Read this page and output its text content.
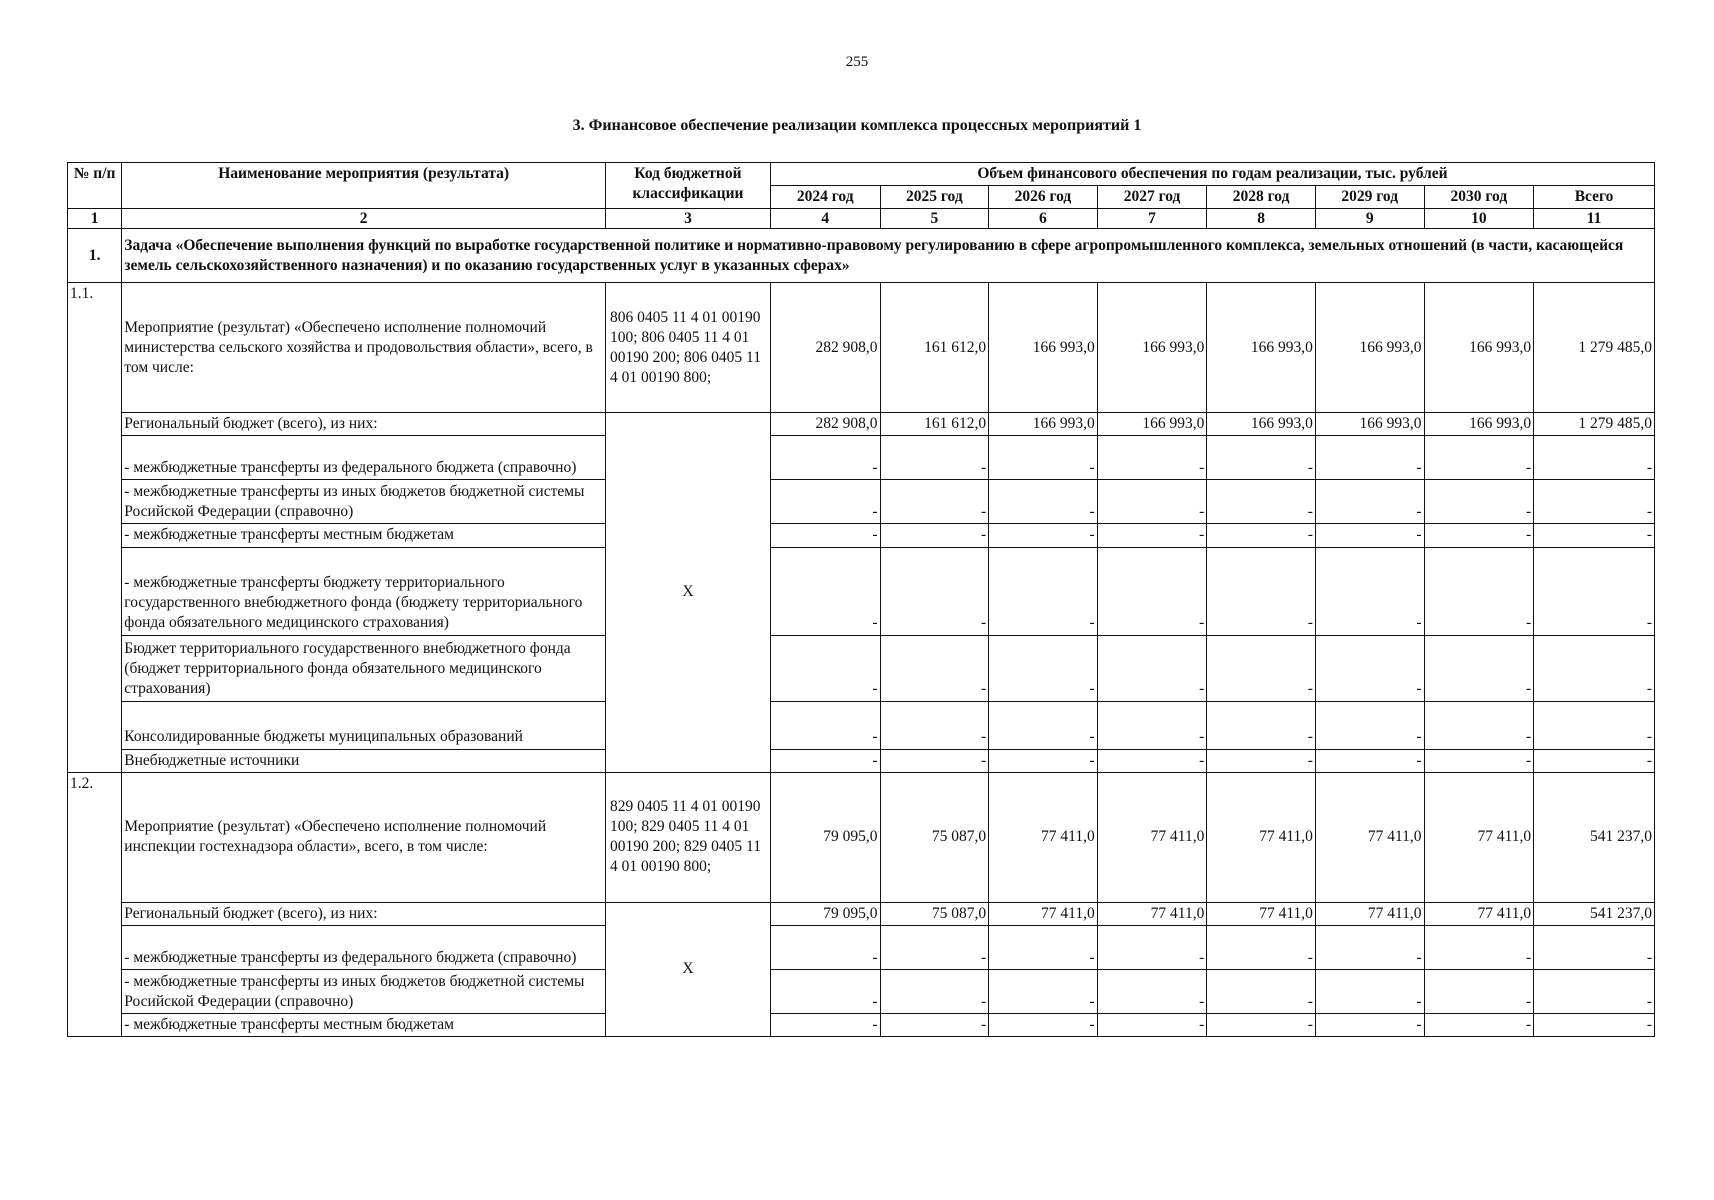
255
3. Финансовое обеспечение реализации комплекса процессных мероприятий 1
№ п/п	Наименование мероприятия (результата)	Код бюджетной классификации	Объем финансового обеспечения по годам реализации, тыс. рублей							
			2024 год	2025 год	2026 год	2027 год	2028 год	2029 год	2030 год	Всего
1	2	3	4	5	6	7	8	9	10	11
1.	Задача «Обеспечение выполнения функций по выработке государственной политике и нормативно-правовому регулированию в сфере агропромышленного комплекса, земельных отношений (в части, касающейся земель сельскохозяйственного назначения) и по оказанию государственных услуг в указанных сферах»									
1.1.	Мероприятие (результат) «Обеспечено исполнение полномочий министерства сельского хозяйства и продовольствия области», всего, в том числе:	806 0405 11 4 01 00190 100; 806 0405 11 4 01 00190 200; 806 0405 11 4 01 00190 800;	282 908,0	161 612,0	166 993,0	166 993,0	166 993,0	166 993,0	166 993,0	1 279 485,0
	Региональный бюджет (всего), из них:	X	282 908,0	161 612,0	166 993,0	166 993,0	166 993,0	166 993,0	166 993,0	1 279 485,0
	- межбюджетные трансферты из федерального бюджета (справочно)		-	-	-	-	-	-	-	-
	- межбюджетные трансферты из иных бюджетов бюджетной системы Росийской Федерации (справочно)		-	-	-	-	-	-	-	-
	- межбюджетные трансферты местным бюджетам		-	-	-	-	-	-	-	-
	- межбюджетные трансферты бюджету территориального государственного внебюджетного фонда (бюджету территориального фонда обязательного медицинского страхования)		-	-	-	-	-	-	-	-
	Бюджет территориального государственного внебюджетного фонда (бюджет территориального фонда обязательного медицинского страхования)		-	-	-	-	-	-	-	-
	Консолидированные бюджеты муниципальных образований		-	-	-	-	-	-	-	-
	Внебюджетные источники		-	-	-	-	-	-	-	-
1.2.	Мероприятие (результат) «Обеспечено исполнение полномочий инспекции гостехнадзора области», всего, в том числе:	829 0405 11 4 01 00190 100; 829 0405 11 4 01 00190 200; 829 0405 11 4 01 00190 800;	79 095,0	75 087,0	77 411,0	77 411,0	77 411,0	77 411,0	77 411,0	541 237,0
	Региональный бюджет (всего), из них:	X	79 095,0	75 087,0	77 411,0	77 411,0	77 411,0	77 411,0	77 411,0	541 237,0
	- межбюджетные трансферты из федерального бюджета (справочно)		-	-	-	-	-	-	-	-
	- межбюджетные трансферты из иных бюджетов бюджетной системы Росийской Федерации (справочно)		-	-	-	-	-	-	-	-
	- межбюджетные трансферты местным бюджетам		-	-	-	-	-	-	-	-
